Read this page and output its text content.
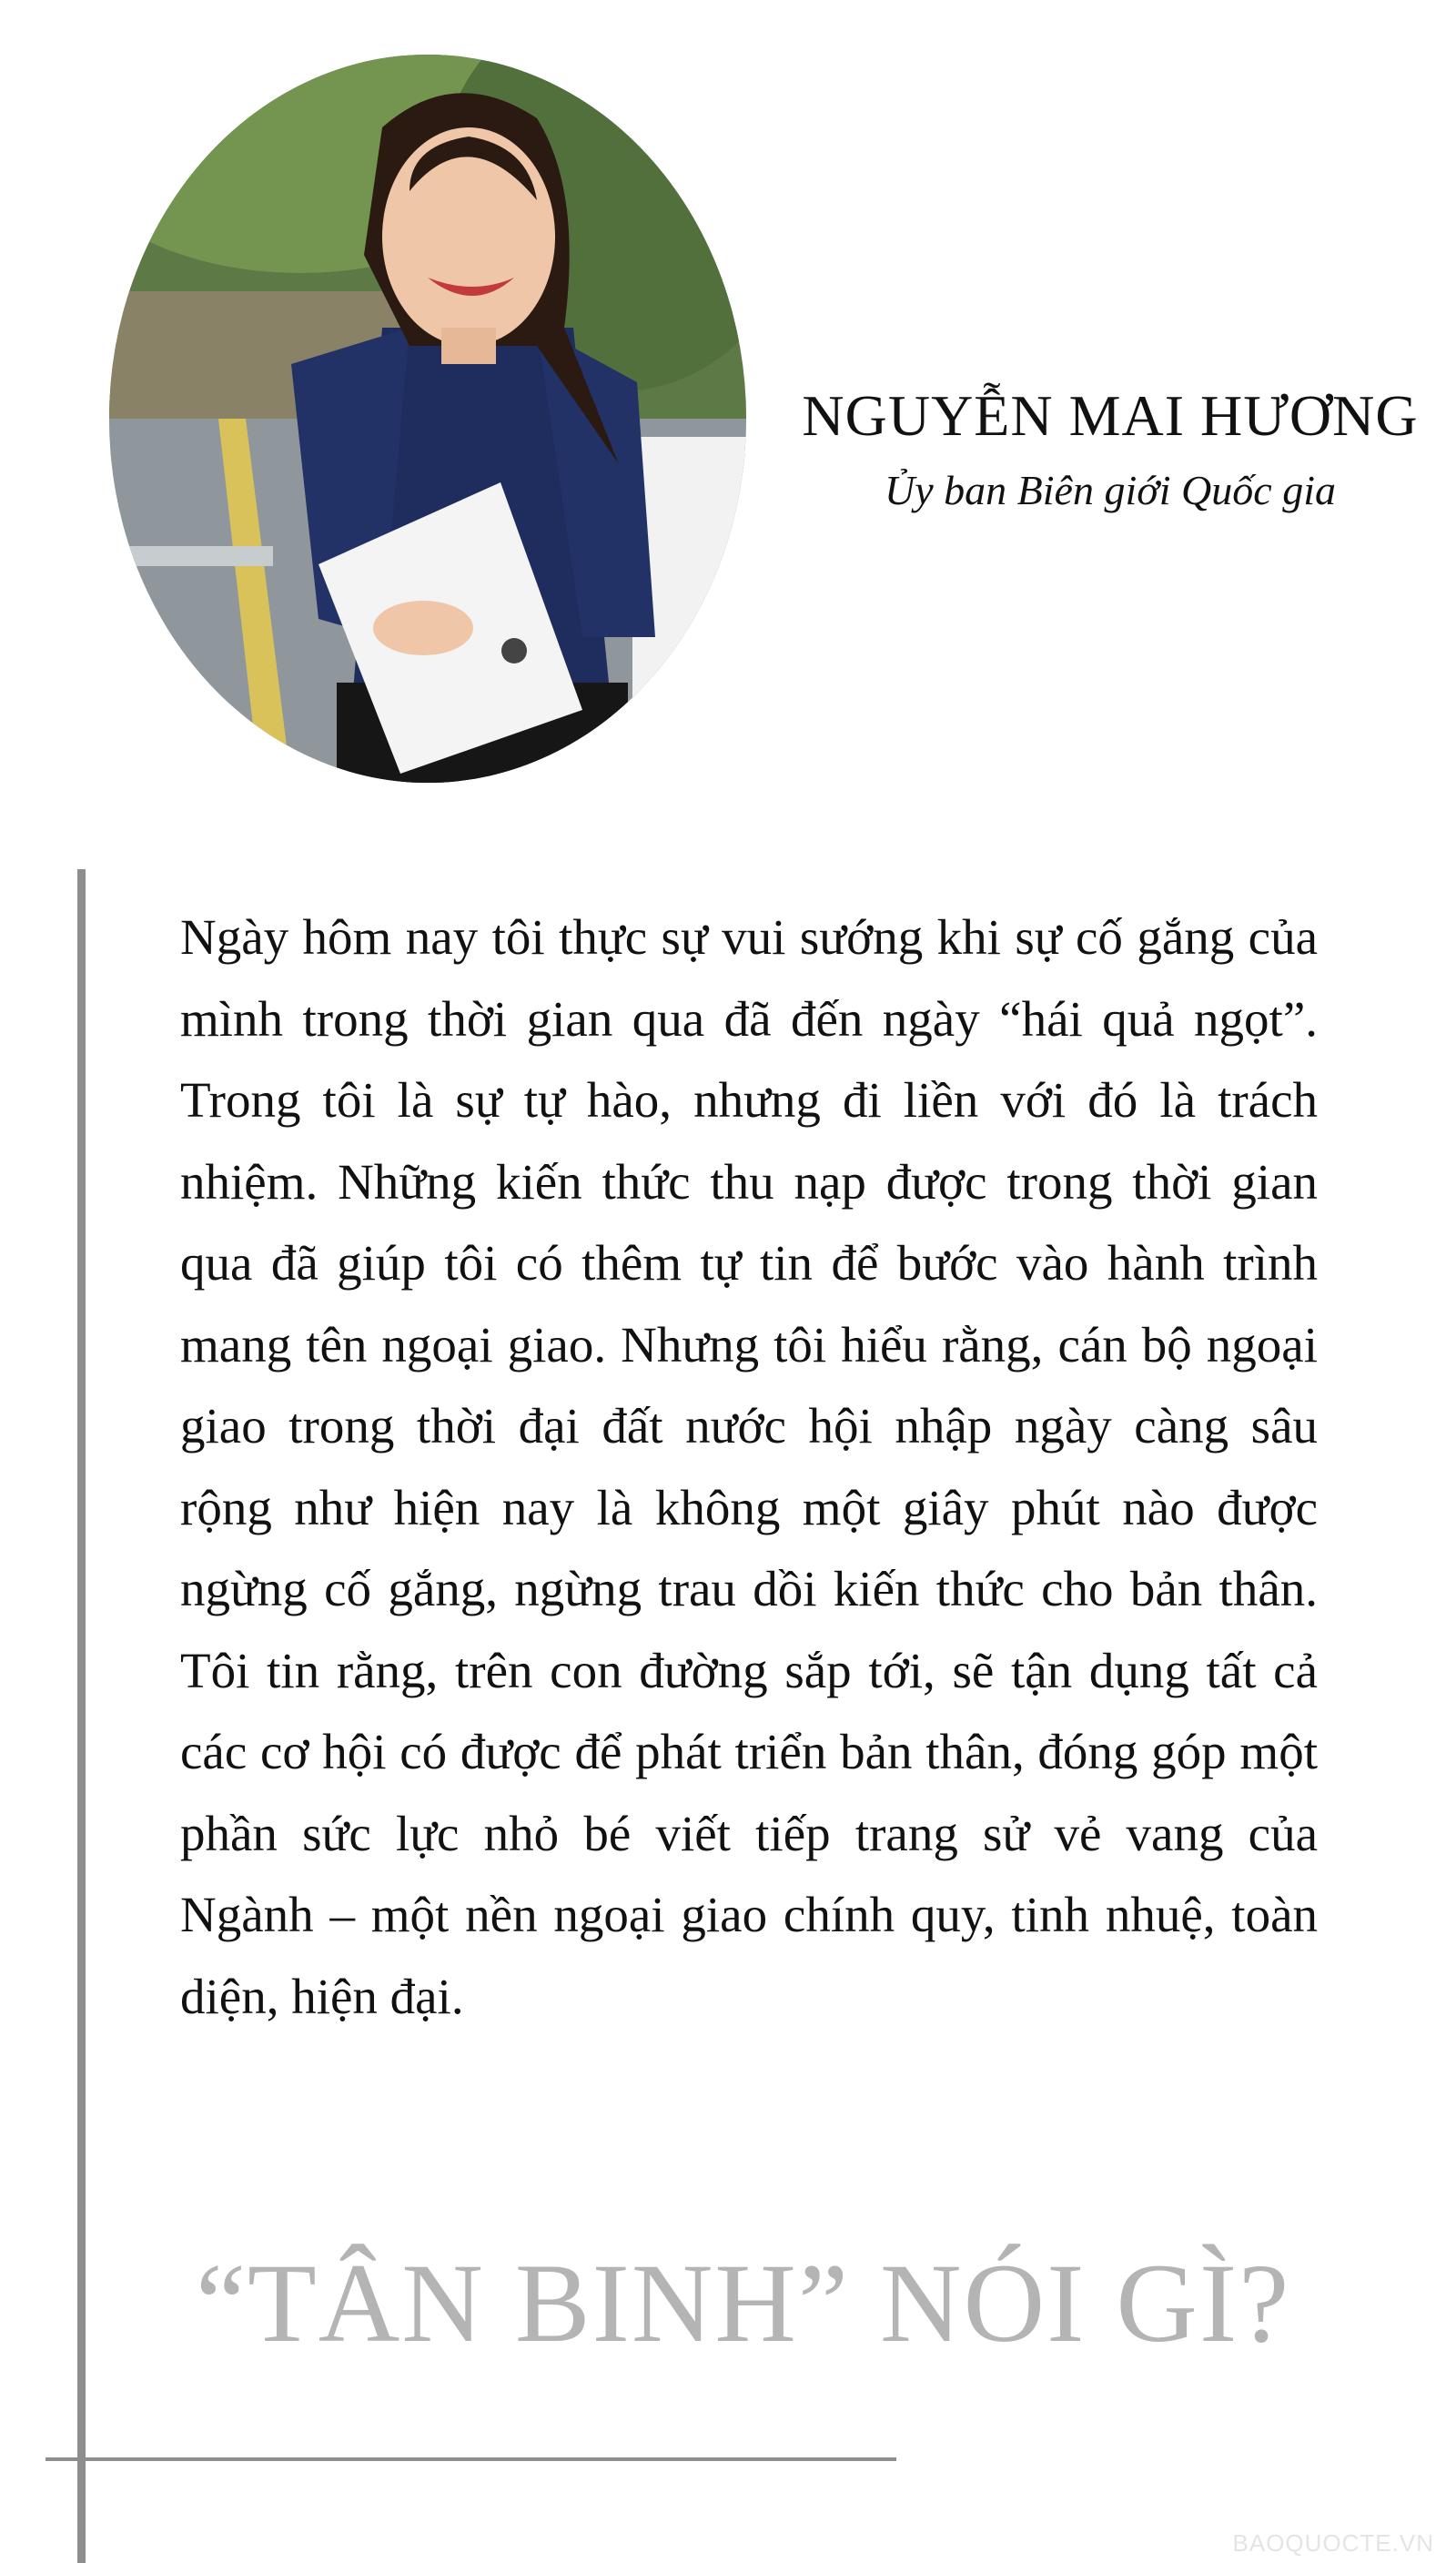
NGUYỄN MAI HƯƠNG
Ủy ban Biên giới Quốc gia

Ngày hôm nay tôi thực sự vui sướng khi sự cố gắng của mình trong thời gian qua đã đến ngày “hái quả ngọt”. Trong tôi là sự tự hào, nhưng đi liền với đó là trách nhiệm. Những kiến thức thu nạp được trong thời gian qua đã giúp tôi có thêm tự tin để bước vào hành trình mang tên ngoại giao. Nhưng tôi hiểu rằng, cán bộ ngoại giao trong thời đại đất nước hội nhập ngày càng sâu rộng như hiện nay là không một giây phút nào được ngừng cố gắng, ngừng trau dồi kiến thức cho bản thân. Tôi tin rằng, trên con đường sắp tới, sẽ tận dụng tất cả các cơ hội có được để phát triển bản thân, đóng góp một phần sức lực nhỏ bé viết tiếp trang sử vẻ vang của Ngành – một nền ngoại giao chính quy, tinh nhuệ, toàn diện, hiện đại.

“TÂN BINH” NÓI GÌ?
BAOQUOCTE.VN
